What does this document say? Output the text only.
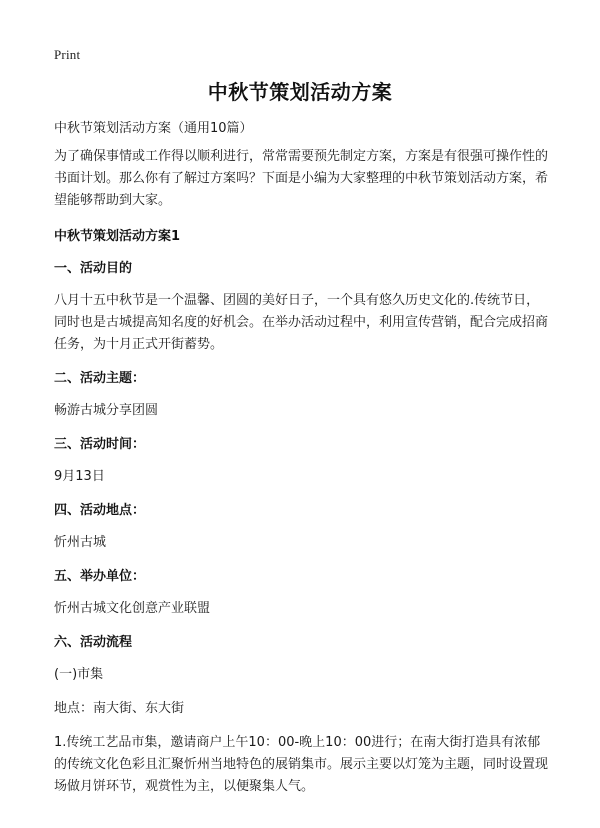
Print
中秋节策划活动方案

中秋节策划活动方案（通用10篇）

为了确保事情或工作得以顺利进行，常常需要预先制定方案，方案是有很强可操作性的书面计划。那么你有了解过方案吗？下面是小编为大家整理的中秋节策划活动方案，希望能够帮助到大家。

中秋节策划活动方案1

一、活动目的

八月十五中秋节是一个温馨、团圆的美好日子，一个具有悠久历史文化的.传统节日，同时也是古城提高知名度的好机会。在举办活动过程中，利用宣传营销，配合完成招商任务，为十月正式开街蓄势。

二、活动主题：

畅游古城分享团圆

三、活动时间：

9月13日

四、活动地点：

忻州古城

五、举办单位：

忻州古城文化创意产业联盟

六、活动流程

(一)市集

地点：南大街、东大街

1.传统工艺品市集，邀请商户上午10：00-晚上10：00进行；在南大街打造具有浓郁的传统文化色彩且汇聚忻州当地特色的展销集市。展示主要以灯笼为主题，同时设置现场做月饼环节，观赏性为主，以便聚集人气。
